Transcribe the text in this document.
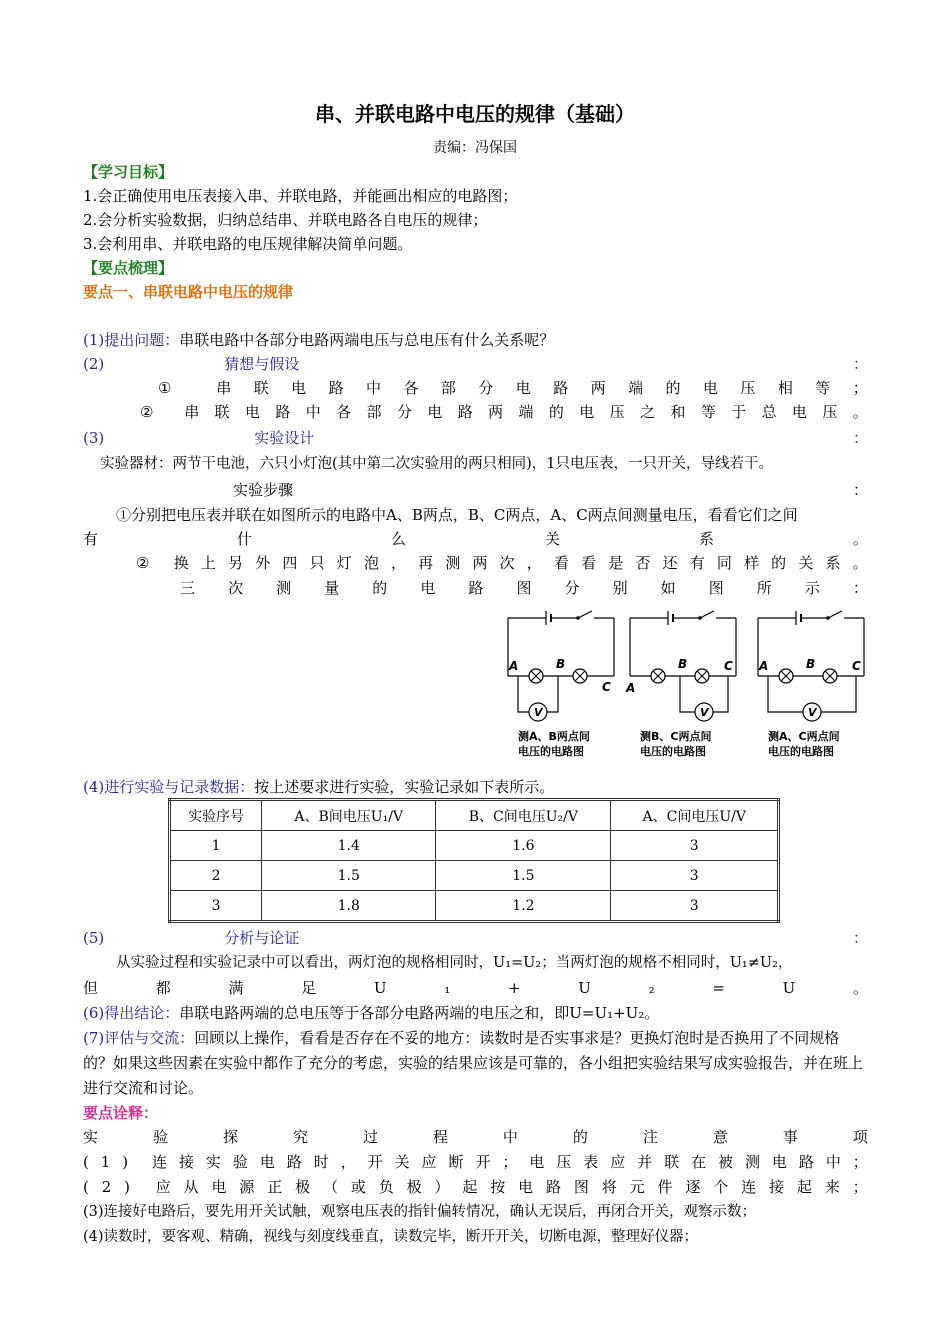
串、并联电路中电压的规律（基础）
责编：冯保国
【学习目标】
1.会正确使用电压表接入串、并联电路，并能画出相应的电路图；
2.会分析实验数据，归纳总结串、并联电路各自电压的规律；
3.会利用串、并联电路的电压规律解决简单问题。
【要点梳理】
要点一、串联电路中电压的规律
(1)提出问题：串联电路中各部分电路两端电压与总电压有什么关系呢？
(2)	猜想与假设	：
①	串 联 电 路 中 各 部 分 电 路 两 端 的 电 压 相 等 ；
② 串 联 电 路 中 各 部 分 电 路 两 端 的 电 压 之 和 等 于 总 电 压 。
(3)	实验设计	：
实验器材：两节干电池，六只小灯泡(其中第二次实验用的两只相同)，1只电压表，一只开关，导线若干。
实验步骤	：
①分别把电压表并联在如图所示的电路中A、B两点，B、C两点，A、C两点间测量电压，看看它们之间
有	什	么	关	系	。
② 换 上 另 外 四 只 灯 泡 ， 再 测 两 次 ， 看 看 是 否 还 有 同 样 的 关 系 。
三 次 测 量 的 电 路 图 分 别 如 图 所 示 ：
V
A	B
C
测A、B两点间
电压的电路图
V
A
B	C
测B、C两点间
电压的电路图
V
A	B	C
测A、C两点间
电压的电路图
(4)进行实验与记录数据：按上述要求进行实验，实验记录如下表所示。
实验序号	A、B间电压U₁/V	B、C间电压U₂/V	A、C间电压U/V
1	1.4	1.6	3
2	1.5	1.5	3
3	1.8	1.2	3
(5)	分析与论证	：
从实验过程和实验记录中可以看出，两灯泡的规格相同时，U₁=U₂；当两灯泡的规格不相同时，U₁≠U₂，
但	都	满	足	U	₁	+	U	₂	=	U	。
(6)得出结论：串联电路两端的总电压等于各部分电路两端的电压之和，即U=U₁+U₂。
(7)评估与交流：回顾以上操作，看看是否存在不妥的地方：读数时是否实事求是？更换灯泡时是否换用了不同规格的？如果这些因素在实验中都作了充分的考虑，实验的结果应该是可靠的，各小组把实验结果写成实验报告，并在班上进行交流和讨论。
要点诠释：
实	验	探	究	过	程	中	的	注	意	事	项
( 1 ) 连 接 实 验 电 路 时 ， 开 关 应 断 开 ； 电 压 表 应 并 联 在 被 测 电 路 中 ；
( 2 ) 应 从 电 源 正 极 （ 或 负 极 ） 起 按 电 路 图 将 元 件 逐 个 连 接 起 来 ；
(3)连接好电路后，要先用开关试触，观察电压表的指针偏转情况，确认无误后，再闭合开关，观察示数；
(4)读数时，要客观、精确，视线与刻度线垂直，读数完毕，断开开关，切断电源，整理好仪器；
